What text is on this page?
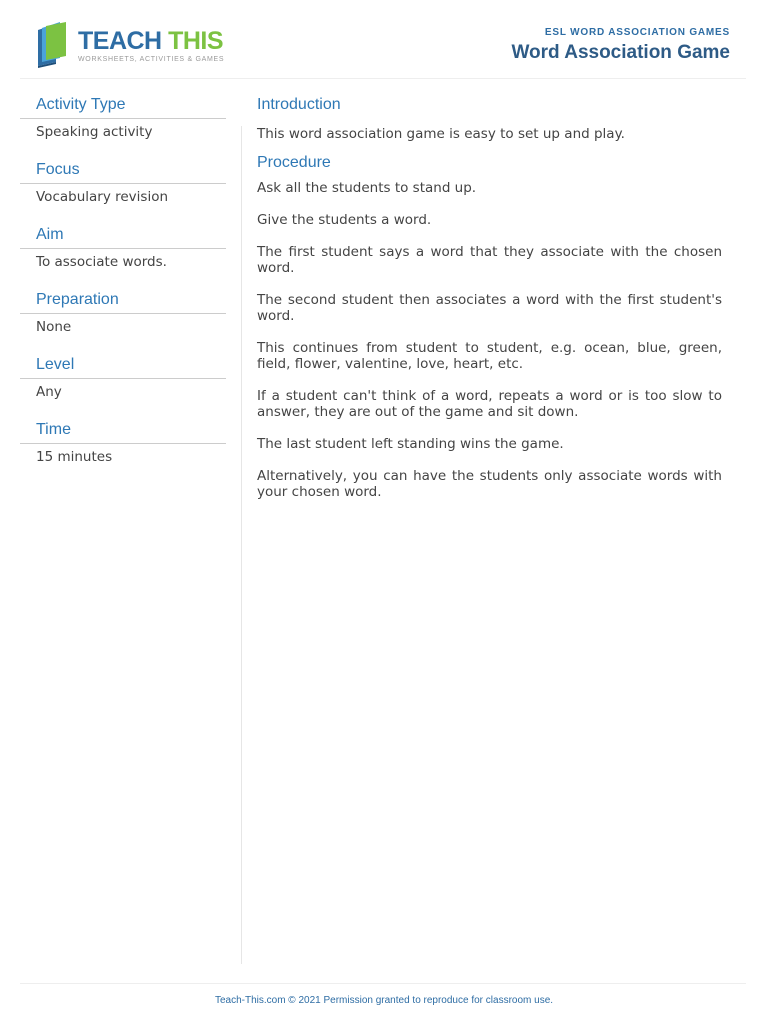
TEACH THIS
WORKSHEETS, ACTIVITIES & GAMES
ESL WORD ASSOCIATION GAMES
Word Association Game
Activity Type
Speaking activity
Focus
Vocabulary revision
Aim
To associate words.
Preparation
None
Level
Any
Time
15 minutes
Introduction

This word association game is easy to set up and play.

Procedure

Ask all the students to stand up.

Give the students a word.

The first student says a word that they associate with the chosen word.

The second student then associates a word with the first student's word.

This continues from student to student, e.g. ocean, blue, green, field, flower, valentine, love, heart, etc.

If a student can't think of a word, repeats a word or is too slow to answer, they are out of the game and sit down.

The last student left standing wins the game.

Alternatively, you can have the students only associate words with your chosen word.

Teach-This.com © 2021 Permission granted to reproduce for classroom use.
